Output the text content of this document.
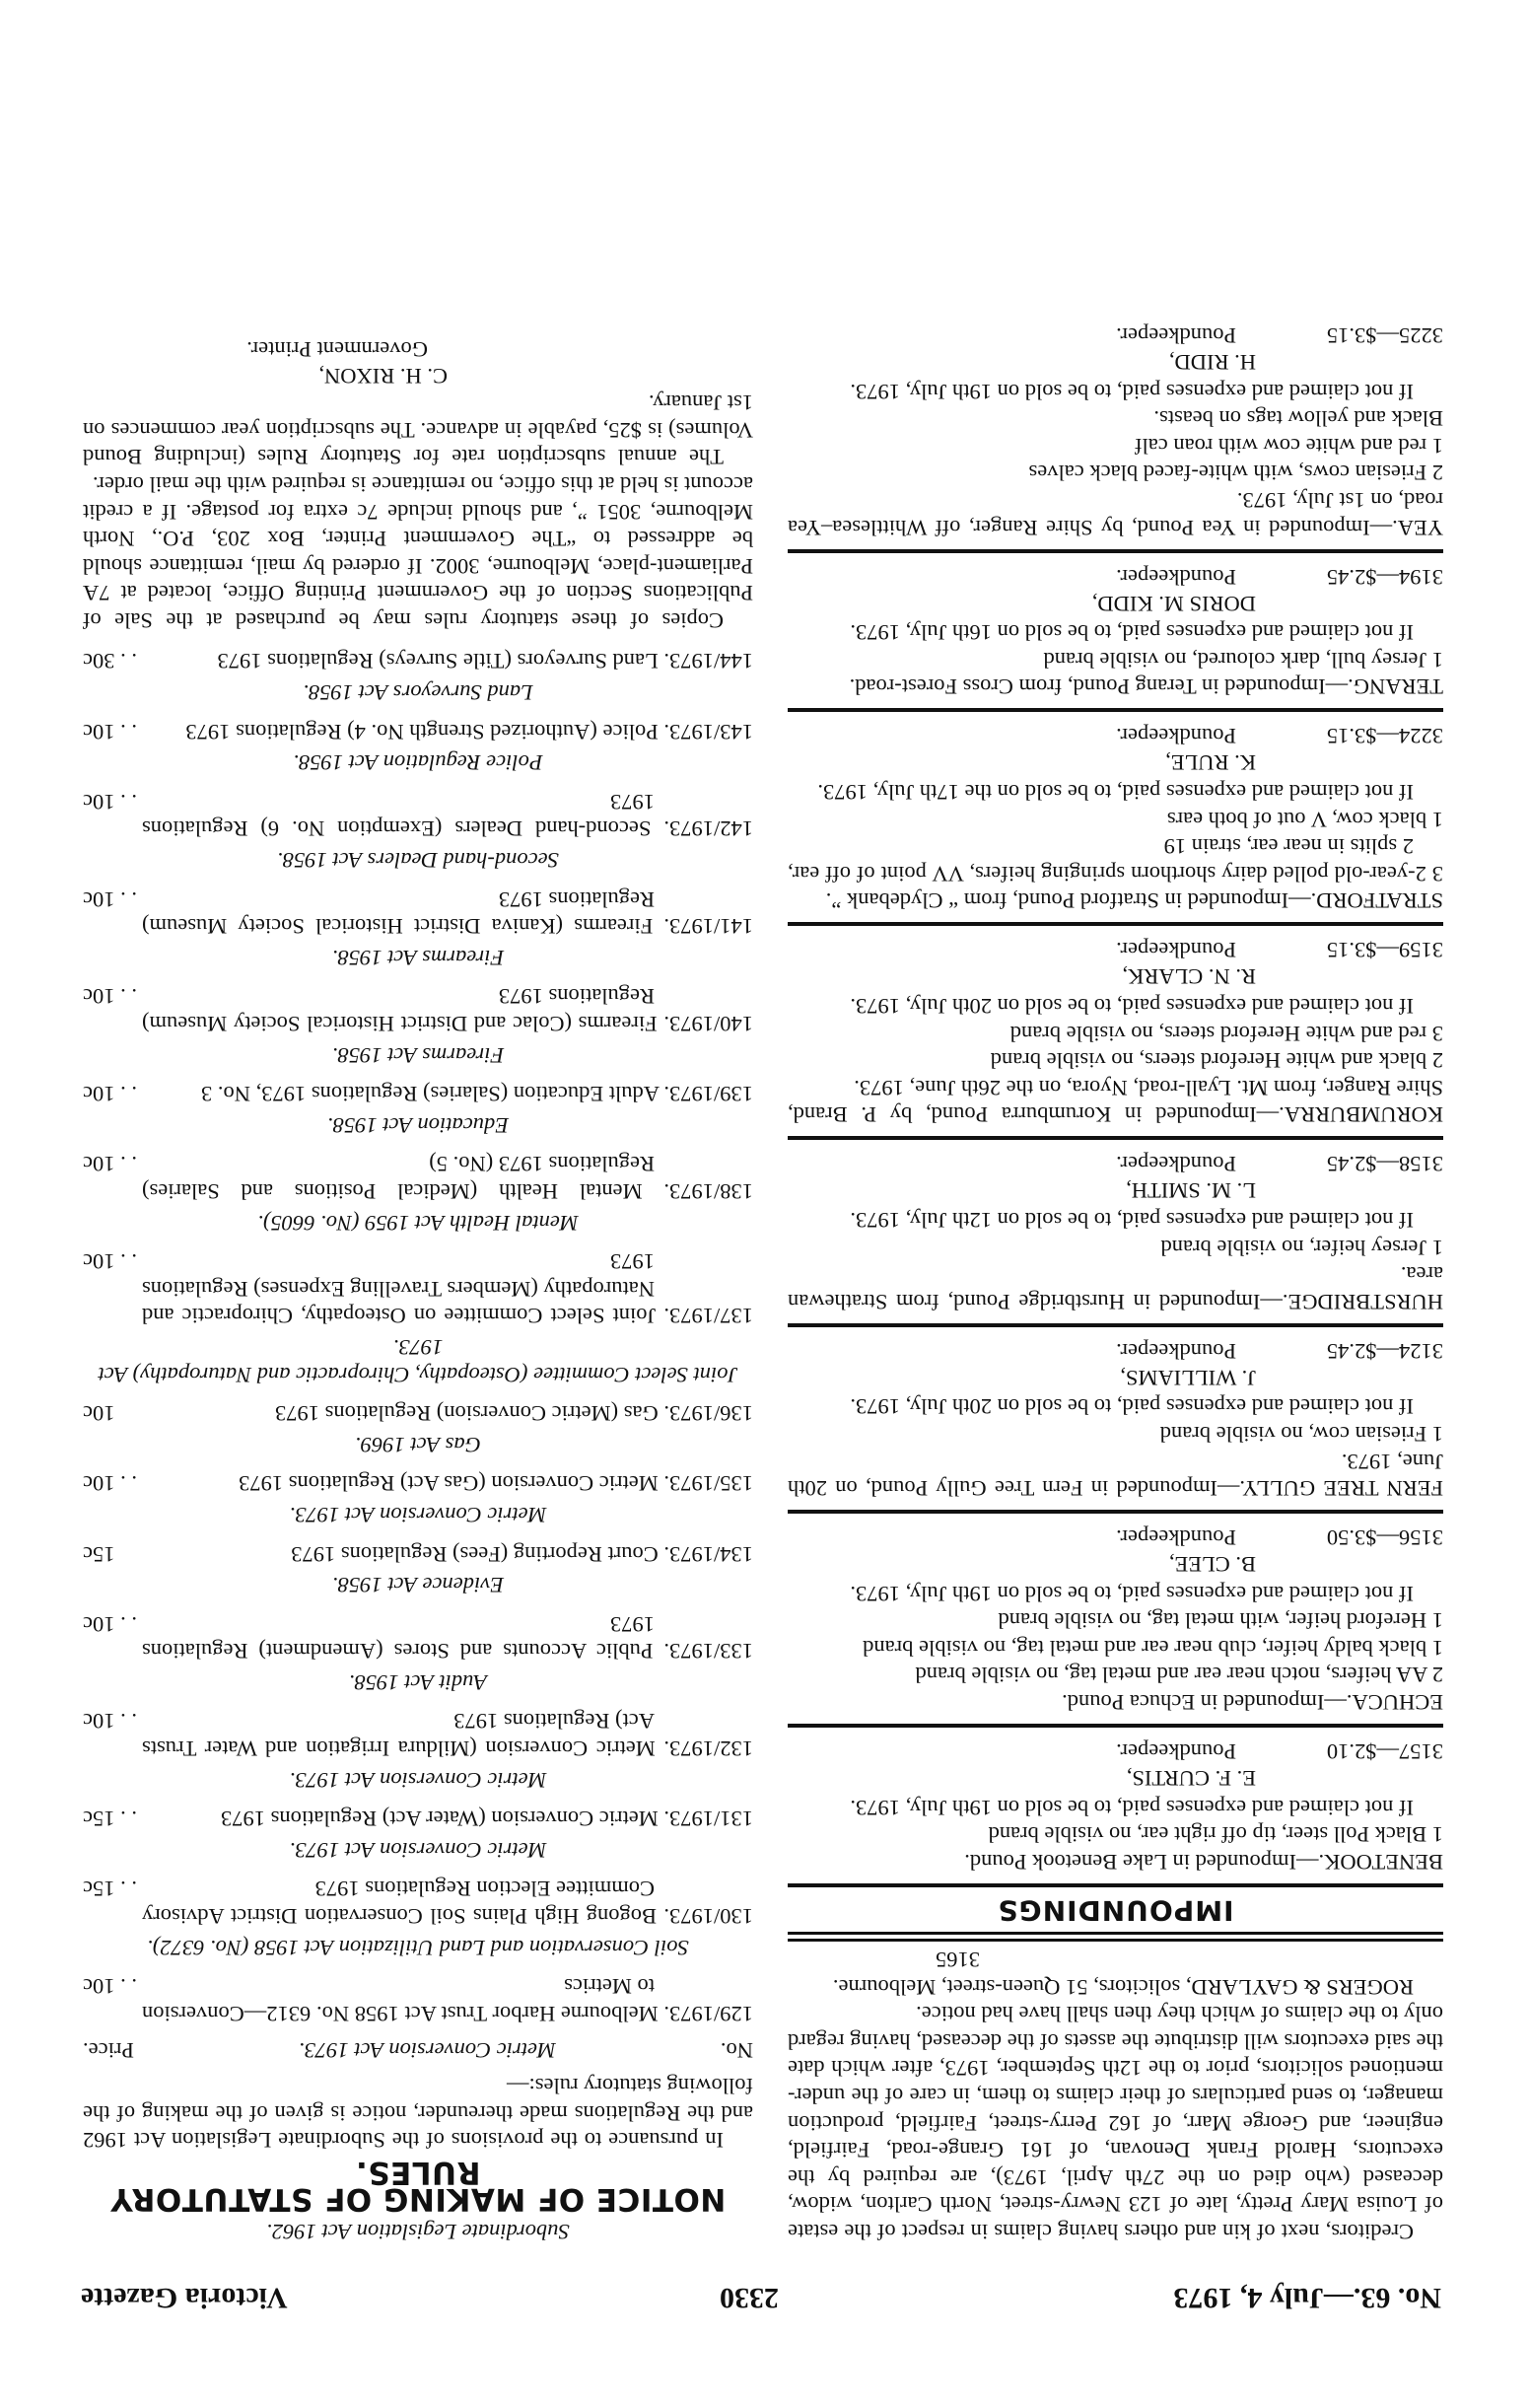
No. 63.—July 4, 1973
2330
Victoria Gazette

Creditors, next of kin and others having claims in respect of the estate of Louisa Mary Pretty, late of 123 Newry-street, North Carlton, widow, deceased (who died on the 27th April, 1973), are required by the executors, Harold Frank Denovan, of 161 Grange-road, Fairfield, engineer, and George Marr, of 162 Perry-street, Fairfield, production manager, to send particulars of their claims to them, in care of the under-mentioned solicitors, prior to the 12th September, 1973, after which date the said executors will distribute the assets of the deceased, having regard only to the claims of which they then shall have had notice.

ROGERS & GAYLARD, solicitors, 51 Queen-street, Melbourne.

3165

IMPOUNDINGS

BENETOOK.—Impounded in Lake Benetook Pound.

1 Black Poll steer, tip off right ear, no visible brand

If not claimed and expenses paid, to be sold on 19th July, 1973.

E. F. CURTIS,
3157—$2.10
Poundkeeper.

ECHUCA.—Impounded in Echuca Pound.

2 AA heifers, notch near ear and metal tag, no visible brand

1 black baldy heifer, club near ear and metal tag, no visible brand

1 Hereford heifer, with metal tag, no visible brand

If not claimed and expenses paid, to be sold on 19th July, 1973.

B. CLEE,
3156—$3.50
Poundkeeper.

FERN TREE GULLY.—Impounded in Fern Tree Gully Pound, on 20th June, 1973.

1 Friesian cow, no visible brand

If not claimed and expenses paid, to be sold on 20th July, 1973.

J. WILLIAMS,
3124—$2.45
Poundkeeper.

HURSTBRIDGE.—Impounded in Hurstbridge Pound, from Strathewan area.

1 Jersey heifer, no visible brand

If not claimed and expenses paid, to be sold on 12th July, 1973.

L. M. SMITH,
3158—$2.45
Poundkeeper.

KORUMBURRA.—Impounded in Korumburra Pound, by P. Brand, Shire Ranger, from Mt. Lyall-road, Nyora, on the 26th June, 1973.

2 black and white Hereford steers, no visible brand

3 red and white Hereford steers, no visible brand

If not claimed and expenses paid, to be sold on 20th July, 1973.

R. N. CLARK,
3159—$3.15
Poundkeeper.

STRATFORD.—Impounded in Stratford Pound, from “ Clydebank ”.

3 2-year-old polled dairy shorthorn springing heifers, VV point of off ear, 2 splits in near ear, strain 19

1 black cow, V out of both ears

If not claimed and expenses paid, to be sold on the 17th July, 1973.

K. RULE,
3224—$3.15
Poundkeeper.

TERANG.—Impounded in Terang Pound, from Cross Forest-road.

1 Jersey bull, dark coloured, no visible brand

If not claimed and expenses paid, to be sold on 16th July, 1973.

DORIS M. KIDD,
3194—$2.45
Poundkeeper.

YEA.—Impounded in Yea Pound, by Shire Ranger, off Whittlesea–Yea road, on 1st July, 1973.

2 Friesian cows, with white-faced black calves

1 red and white cow with roan calf

Black and yellow tags on beasts.

If not claimed and expenses paid, to be sold on 19th July, 1973.

H. RIDD,
3225—$3.15
Poundkeeper.

Subordinate Legislation Act 1962.

NOTICE OF MAKING OF STATUTORY RULES.

In pursuance to the provisions of the Subordinate Legislation Act 1962 and the Regulations made thereunder, notice is given of the making of the following statutory rules:—

No.
Metric Conversion Act 1973.
Price.

129/1973. Melbourne Harbor Trust Act 1958 No. 6312—Conversion to Metrics
. . 10c

Soil Conservation and Land Utilization Act 1958 (No. 6372).

130/1973. Bogong High Plains Soil Conservation District Advisory Committee Election Regulations 1973
. . 15c

Metric Conversion Act 1973.

131/1973. Metric Conversion (Water Act) Regulations 1973
. . 15c

Metric Conversion Act 1973.

132/1973. Metric Conversion (Mildura Irrigation and Water Trusts Act) Regulations 1973
. . 10c

Audit Act 1958.

133/1973. Public Accounts and Stores (Amendment) Regulations 1973
. . 10c

Evidence Act 1958.

134/1973. Court Reporting (Fees) Regulations 1973
15c

Metric Conversion Act 1973.

135/1973. Metric Conversion (Gas Act) Regulations 1973
. . 10c

Gas Act 1969.

136/1973. Gas (Metric Conversion) Regulations 1973
10c

Joint Select Committee (Osteopathy, Chiropractic and Naturopathy) Act 1973.

137/1973. Joint Select Committee on Osteopathy, Chiropractic and Naturopathy (Members Travelling Expenses) Regulations 1973
. . 10c

Mental Health Act 1959 (No. 6605).

138/1973. Mental Health (Medical Positions and Salaries) Regulations 1973 (No. 5)
. . 10c

Education Act 1958.

139/1973. Adult Education (Salaries) Regulations 1973, No. 3
. . 10c

Firearms Act 1958.

140/1973. Firearms (Colac and District Historical Society Museum) Regulations 1973
. . 10c

Firearms Act 1958.

141/1973. Firearms (Kaniva District Historical Society Museum) Regulations 1973
. . 10c

Second-hand Dealers Act 1958.

142/1973. Second-hand Dealers (Exemption No. 6) Regulations 1973
. . 10c

Police Regulation Act 1958.

143/1973. Police (Authorized Strength No. 4) Regulations 1973
. . 10c

Land Surveyors Act 1958.

144/1973. Land Surveyors (Title Surveys) Regulations 1973
. . 30c

Copies of these statutory rules may be purchased at the Sale of Publications Section of the Government Printing Office, located at 7A Parliament-place, Melbourne, 3002. If ordered by mail, remittance should be addressed to “The Government Printer, Box 203, P.O., North Melbourne, 3051 ”, and should include 7c extra for postage. If a credit account is held at this office, no remittance is required with the mail order.

The annual subscription rate for Statutory Rules (including Bound Volumes) is $25, payable in advance. The subscription year commences on 1st January.

C. H. RIXON,
Government Printer.
